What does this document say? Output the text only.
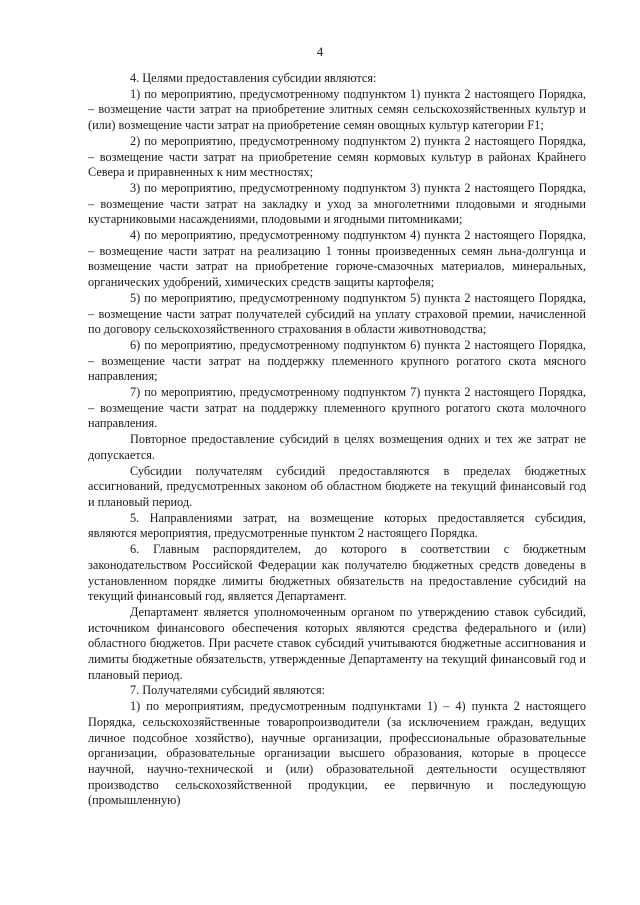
4

4. Целями предоставления субсидии являются:

1) по мероприятию, предусмотренному подпунктом 1) пункта 2 настоящего Порядка, – возмещение части затрат на приобретение элитных семян сельскохозяйственных культур и (или) возмещение части затрат на приобретение семян овощных культур категории F1;

2) по мероприятию, предусмотренному подпунктом 2) пункта 2 настоящего Порядка, – возмещение части затрат на приобретение семян кормовых культур в районах Крайнего Севера и приравненных к ним местностях;

3) по мероприятию, предусмотренному подпунктом 3) пункта 2 настоящего Порядка, – возмещение части затрат на закладку и уход за многолетними плодовыми и ягодными кустарниковыми насаждениями, плодовыми и ягодными питомниками;

4) по мероприятию, предусмотренному подпунктом 4) пункта 2 настоящего Порядка, – возмещение части затрат на реализацию 1 тонны произведенных семян льна-долгунца и возмещение части затрат на приобретение горюче-смазочных материалов, минеральных, органических удобрений, химических средств защиты картофеля;

5) по мероприятию, предусмотренному подпунктом 5) пункта 2 настоящего Порядка, – возмещение части затрат получателей субсидий на уплату страховой премии, начисленной по договору сельскохозяйственного страхования в области животноводства;

6) по мероприятию, предусмотренному подпунктом 6) пункта 2 настоящего Порядка, – возмещение части затрат на поддержку племенного крупного рогатого скота мясного направления;

7) по мероприятию, предусмотренному подпунктом 7) пункта 2 настоящего Порядка, – возмещение части затрат на поддержку племенного крупного рогатого скота молочного направления.

Повторное предоставление субсидий в целях возмещения одних и тех же затрат не допускается.

Субсидии получателям субсидий предоставляются в пределах бюджетных ассигнований, предусмотренных законом об областном бюджете на текущий финансовый год и плановый период.

5. Направлениями затрат, на возмещение которых предоставляется субсидия, являются мероприятия, предусмотренные пунктом 2 настоящего Порядка.

6. Главным распорядителем, до которого в соответствии с бюджетным законодательством Российской Федерации как получателю бюджетных средств доведены в установленном порядке лимиты бюджетных обязательств на предоставление субсидий на текущий финансовый год, является Департамент.

Департамент является уполномоченным органом по утверждению ставок субсидий, источником финансового обеспечения которых являются средства федерального и (или) областного бюджетов. При расчете ставок субсидий учитываются бюджетные ассигнования и лимиты бюджетные обязательств, утвержденные Департаменту на текущий финансовый год и плановый период.

7. Получателями субсидий являются:

1) по мероприятиям, предусмотренным подпунктами 1) – 4) пункта 2 настоящего Порядка, сельскохозяйственные товаропроизводители (за исключением граждан, ведущих личное подсобное хозяйство), научные организации, профессиональные образовательные организации, образовательные организации высшего образования, которые в процессе научной, научно-технической и (или) образовательной деятельности осуществляют производство сельскохозяйственной продукции, ее первичную и последующую (промышленную)
